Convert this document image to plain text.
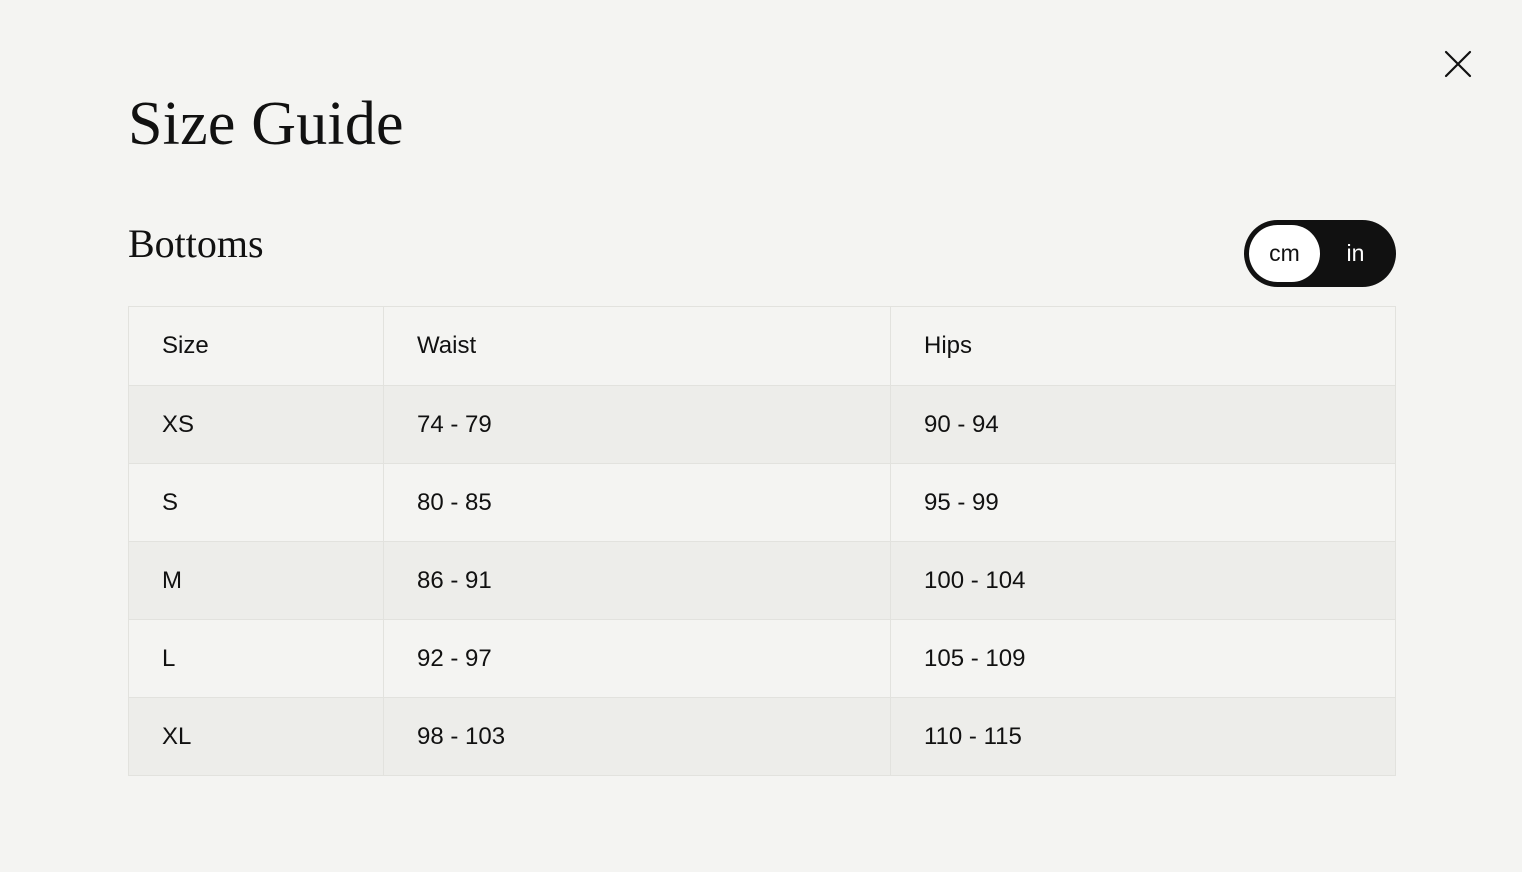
Size Guide
Bottoms	cm	in
Size	Waist	Hips
XS	74 - 79	90 - 94
S	80 - 85	95 - 99
M	86 - 91	100 - 104
L	92 - 97	105 - 109
XL	98 - 103	110 - 115
